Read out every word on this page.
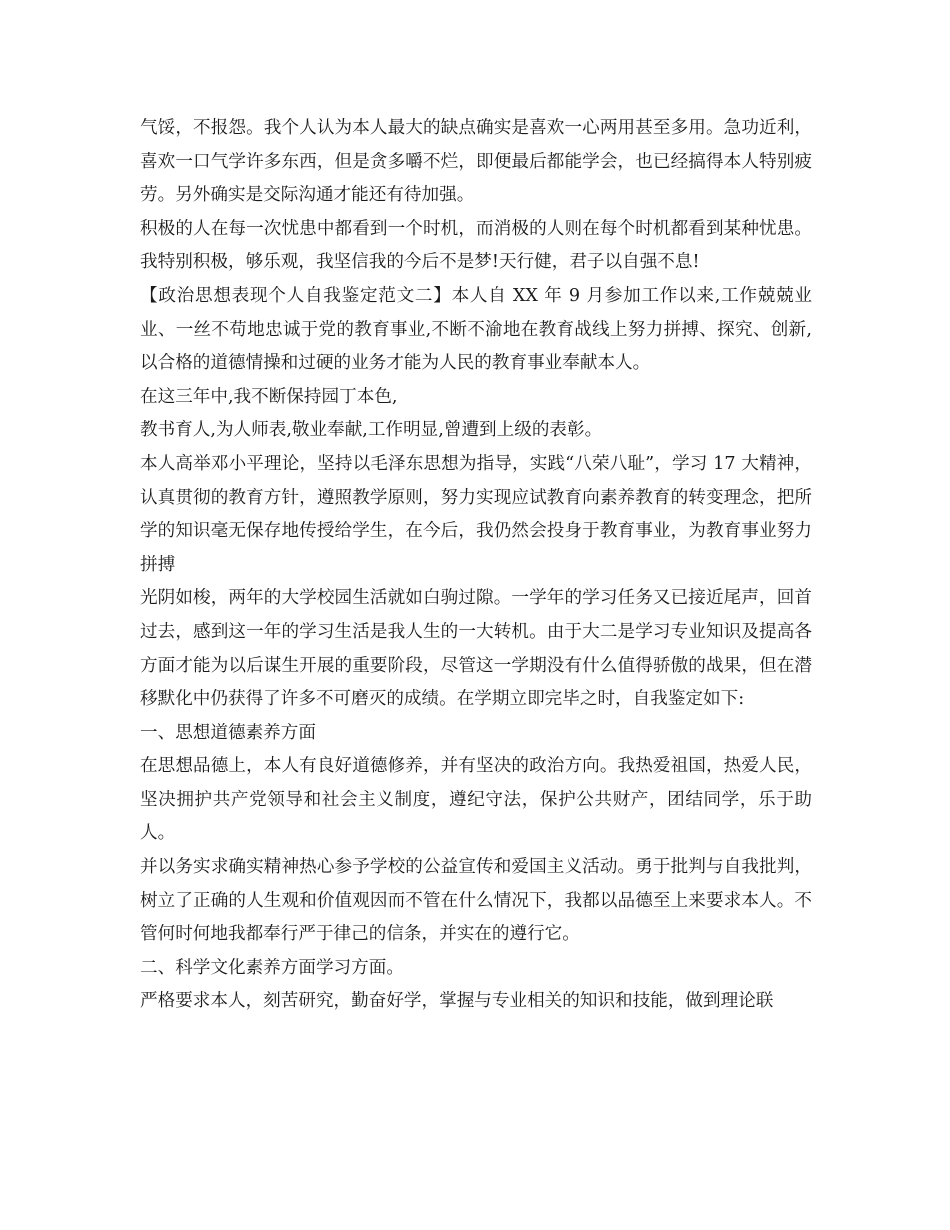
气馁，不报怨。我个人认为本人最大的缺点确实是喜欢一心两用甚至多用。急功近利，喜欢一口气学许多东西，但是贪多嚼不烂，即便最后都能学会，也已经搞得本人特别疲劳。另外确实是交际沟通才能还有待加强。

积极的人在每一次忧患中都看到一个时机，而消极的人则在每个时机都看到某种忧患。我特别积极，够乐观，我坚信我的今后不是梦!天行健，君子以自强不息!

【政治思想表现个人自我鉴定范文二】本人自 XX 年 9 月参加工作以来,工作兢兢业业、一丝不苟地忠诚于党的教育事业,不断不渝地在教育战线上努力拼搏、探究、创新,以合格的道德情操和过硬的业务才能为人民的教育事业奉献本人。

在这三年中,我不断保持园丁本色,

教书育人,为人师表,敬业奉献,工作明显,曾遭到上级的表彰。

本人高举邓小平理论，坚持以毛泽东思想为指导，实践“八荣八耻”，学习 17 大精神，认真贯彻的教育方针，遵照教学原则，努力实现应试教育向素养教育的转变理念，把所学的知识毫无保存地传授给学生，在今后，我仍然会投身于教育事业，为教育事业努力拼搏

光阴如梭，两年的大学校园生活就如白驹过隙。一学年的学习任务又已接近尾声，回首过去，感到这一年的学习生活是我人生的一大转机。由于大二是学习专业知识及提高各方面才能为以后谋生开展的重要阶段，尽管这一学期没有什么值得骄傲的战果，但在潜移默化中仍获得了许多不可磨灭的成绩。在学期立即完毕之时，自我鉴定如下:

一、思想道德素养方面

在思想品德上，本人有良好道德修养，并有坚决的政治方向。我热爱祖国，热爱人民，坚决拥护共产党领导和社会主义制度，遵纪守法，保护公共财产，团结同学，乐于助人。

并以务实求确实精神热心参予学校的公益宣传和爱国主义活动。勇于批判与自我批判，树立了正确的人生观和价值观因而不管在什么情况下，我都以品德至上来要求本人。不管何时何地我都奉行严于律己的信条，并实在的遵行它。

二、科学文化素养方面学习方面。

严格要求本人，刻苦研究，勤奋好学，掌握与专业相关的知识和技能，做到理论联
